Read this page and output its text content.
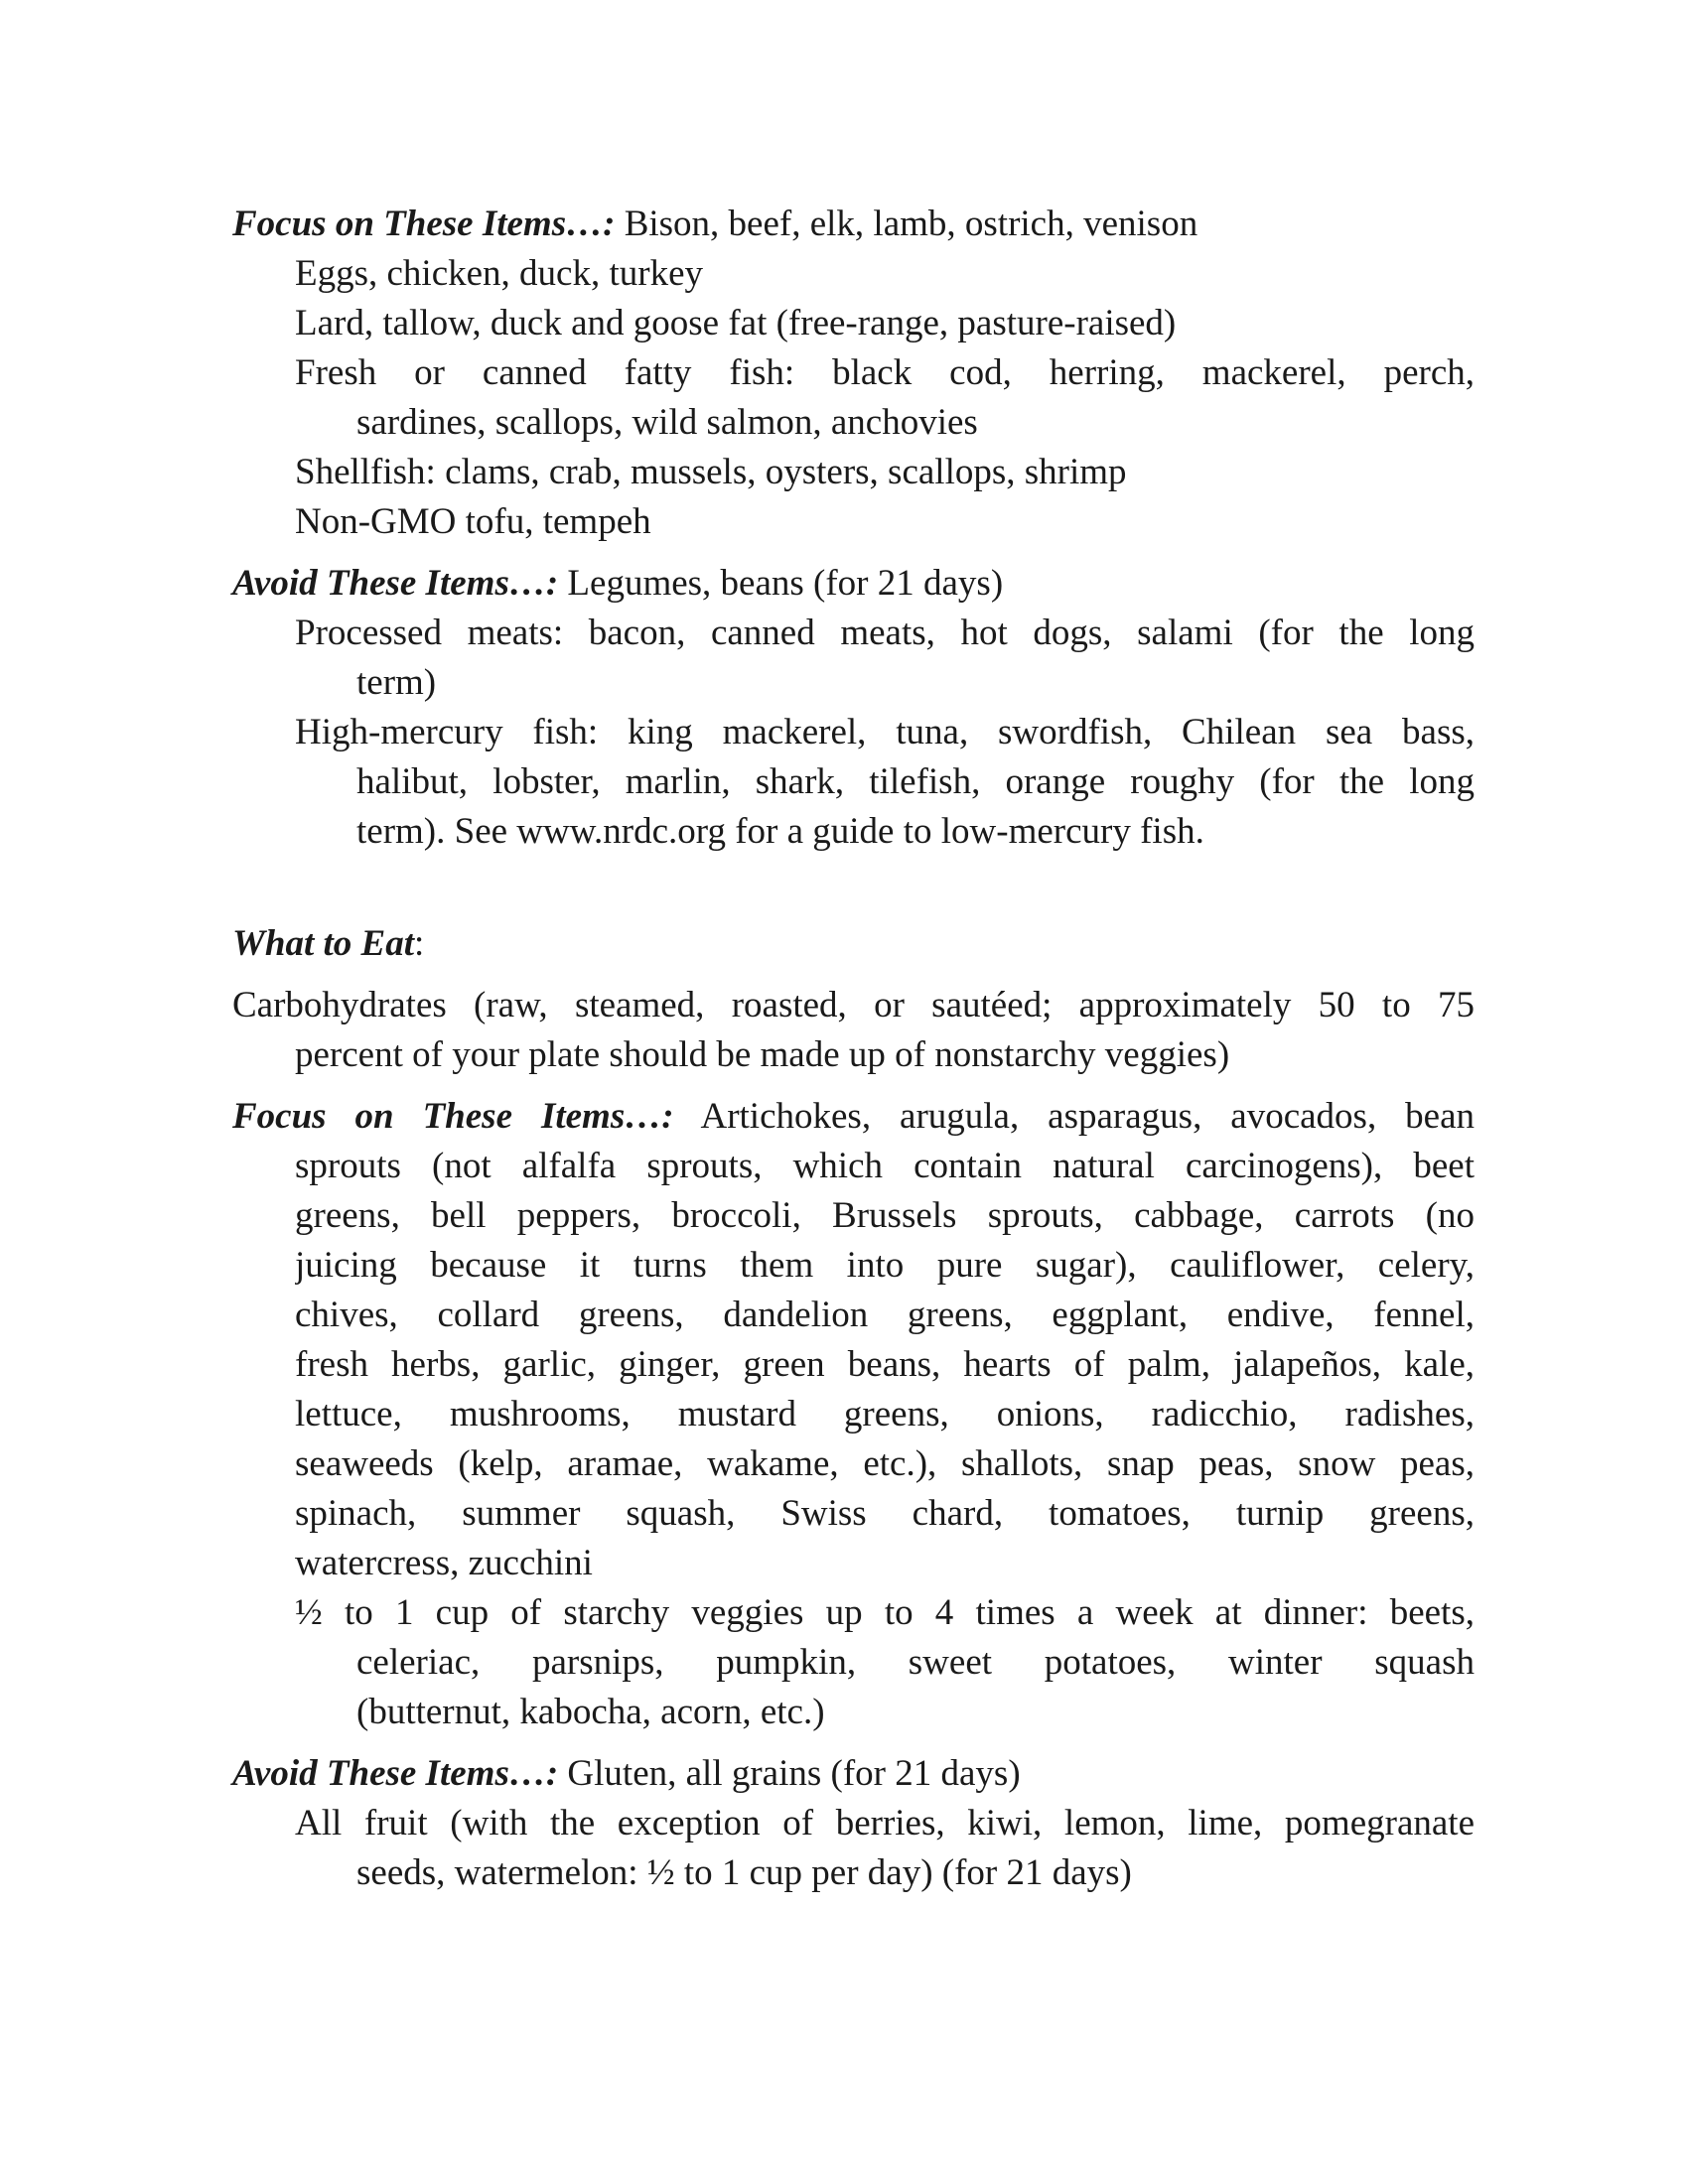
Focus on These Items…: Bison, beef, elk, lamb, ostrich, venison
Eggs, chicken, duck, turkey
Lard, tallow, duck and goose fat (free-range, pasture-raised)
Fresh or canned fatty fish: black cod, herring, mackerel, perch,
sardines, scallops, wild salmon, anchovies
Shellfish: clams, crab, mussels, oysters, scallops, shrimp
Non-GMO tofu, tempeh
Avoid These Items…: Legumes, beans (for 21 days)
Processed meats: bacon, canned meats, hot dogs, salami (for the long
term)
High-mercury fish: king mackerel, tuna, swordfish, Chilean sea bass,
halibut, lobster, marlin, shark, tilefish, orange roughy (for the long
term). See www.nrdc.org for a guide to low-mercury fish.
What to Eat:
Carbohydrates (raw, steamed, roasted, or sautéed; approximately 50 to 75
percent of your plate should be made up of nonstarchy veggies)
Focus on These Items…: Artichokes, arugula, asparagus, avocados, bean
sprouts (not alfalfa sprouts, which contain natural carcinogens), beet
greens, bell peppers, broccoli, Brussels sprouts, cabbage, carrots (no
juicing because it turns them into pure sugar), cauliflower, celery,
chives, collard greens, dandelion greens, eggplant, endive, fennel,
fresh herbs, garlic, ginger, green beans, hearts of palm, jalapeños, kale,
lettuce, mushrooms, mustard greens, onions, radicchio, radishes,
seaweeds (kelp, aramae, wakame, etc.), shallots, snap peas, snow peas,
spinach, summer squash, Swiss chard, tomatoes, turnip greens,
watercress, zucchini
½ to 1 cup of starchy veggies up to 4 times a week at dinner: beets,
celeriac, parsnips, pumpkin, sweet potatoes, winter squash
(butternut, kabocha, acorn, etc.)
Avoid These Items…: Gluten, all grains (for 21 days)
All fruit (with the exception of berries, kiwi, lemon, lime, pomegranate
seeds, watermelon: ½ to 1 cup per day) (for 21 days)
